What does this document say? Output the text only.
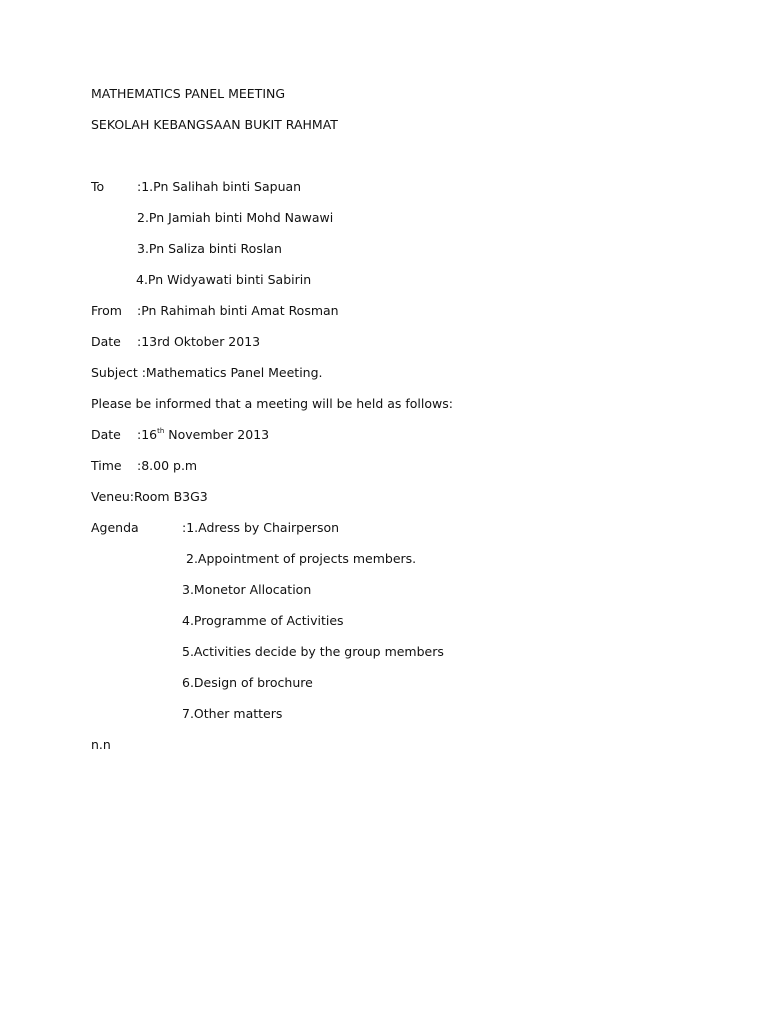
MATHEMATICS PANEL MEETING
SEKOLAH KEBANGSAAN BUKIT RAHMAT
To	:1.Pn Salihah binti Sapuan
2.Pn Jamiah binti Mohd Nawawi
3.Pn Saliza binti Roslan
4.Pn Widyawati binti Sabirin
From :Pn Rahimah binti Amat Rosman
Date :13rd Oktober 2013
Subject :Mathematics Panel Meeting.
Please be informed that a meeting will be held as follows:
Date :16th November 2013
Time :8.00 p.m
Veneu:Room B3G3
Agenda	:1.Adress by Chairperson
2.Appointment of projects members.
3.Monetor Allocation
4.Programme of Activities
5.Activities decide by the group members
6.Design of brochure
7.Other matters
n.n
